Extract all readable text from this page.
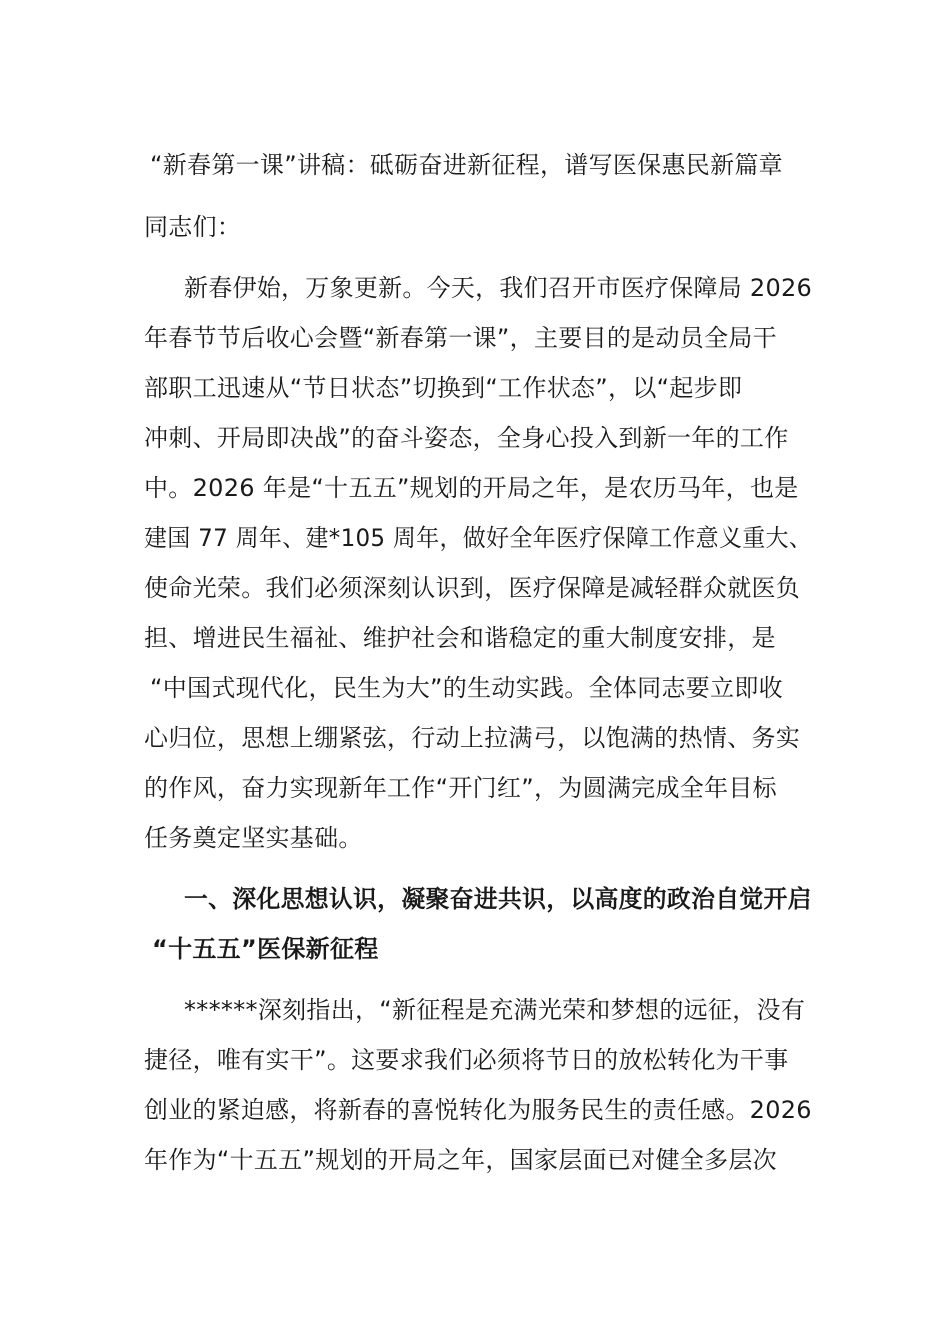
“新春第一课”讲稿：砥砺奋进新征程，谱写医保惠民新篇章
同志们：
新春伊始，万象更新。今天，我们召开市医疗保障局 2026
年春节节后收心会暨“新春第一课”，主要目的是动员全局干
部职工迅速从“节日状态”切换到“工作状态”，以“起步即
冲刺、开局即决战”的奋斗姿态，全身心投入到新一年的工作
中。2026 年是“十五五”规划的开局之年，是农历马年，也是
建国 77 周年、建*105 周年，做好全年医疗保障工作意义重大、
使命光荣。我们必须深刻认识到，医疗保障是减轻群众就医负
担、增进民生福祉、维护社会和谐稳定的重大制度安排，是
“中国式现代化，民生为大”的生动实践。全体同志要立即收
心归位，思想上绷紧弦，行动上拉满弓，以饱满的热情、务实
的作风，奋力实现新年工作“开门红”，为圆满完成全年目标
任务奠定坚实基础。
一、深化思想认识，凝聚奋进共识，以高度的政治自觉开启
“十五五”医保新征程
******深刻指出，“新征程是充满光荣和梦想的远征，没有
捷径，唯有实干”。这要求我们必须将节日的放松转化为干事
创业的紧迫感，将新春的喜悦转化为服务民生的责任感。2026
年作为“十五五”规划的开局之年，国家层面已对健全多层次
